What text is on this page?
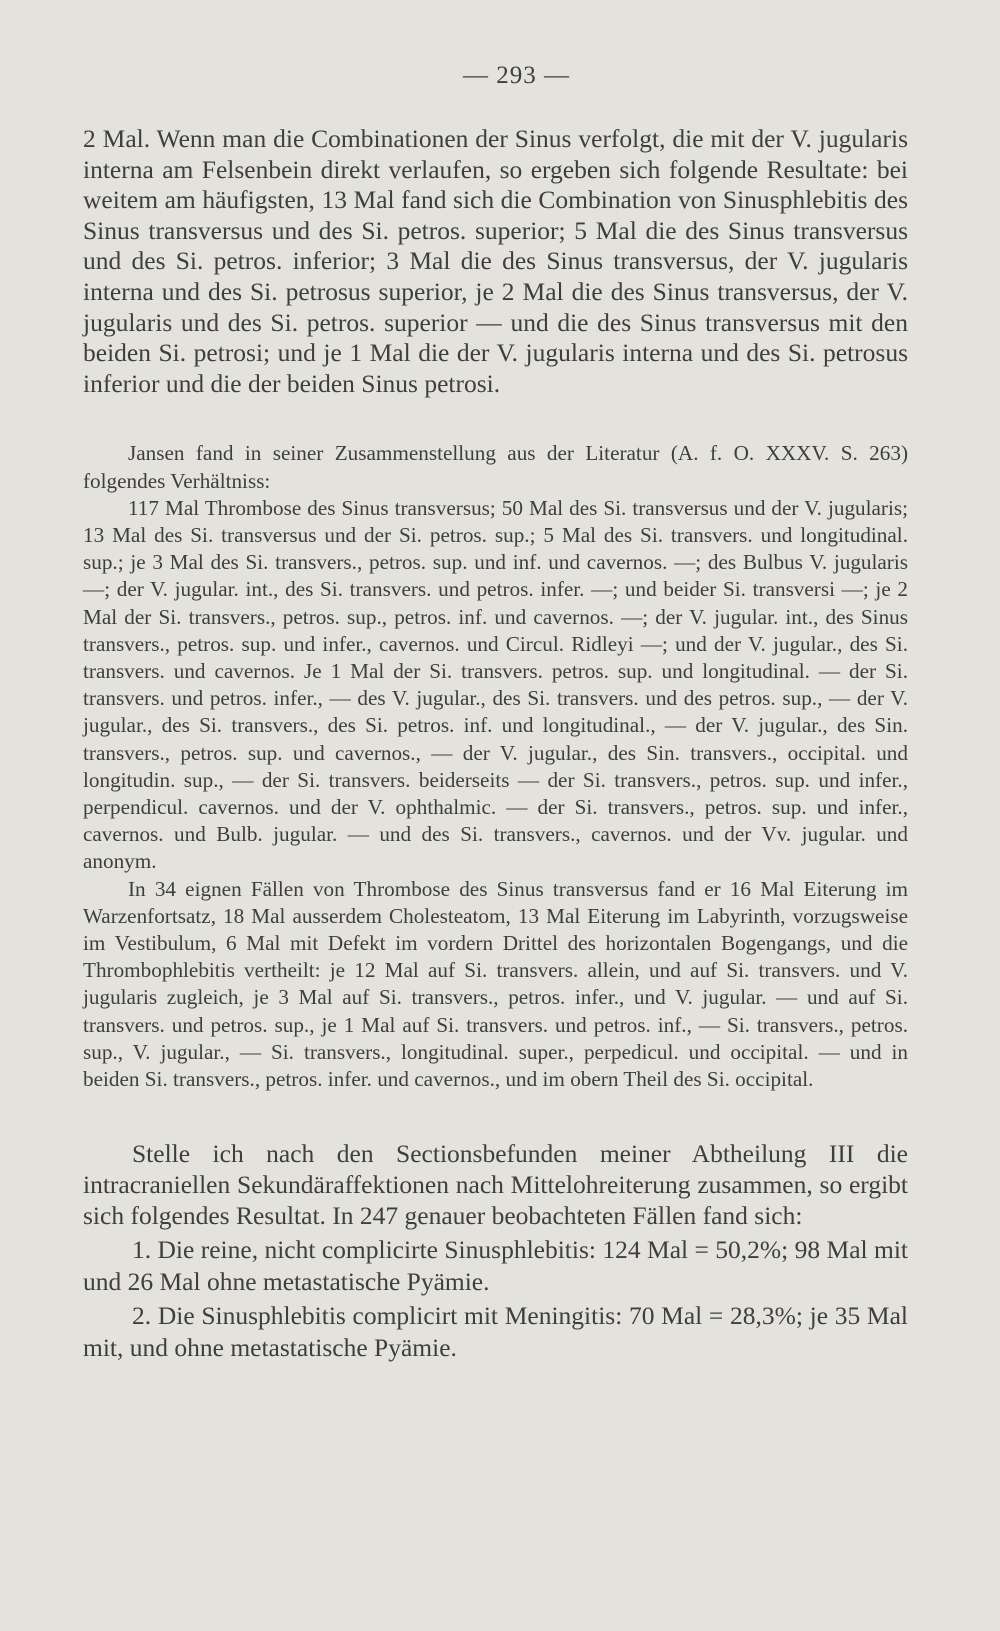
— 293 —

2 Mal. Wenn man die Combinationen der Sinus verfolgt, die mit der V. jugularis interna am Felsenbein direkt verlaufen, so ergeben sich folgende Resultate: bei weitem am häufigsten, 13 Mal fand sich die Combination von Sinusphlebitis des Sinus transversus und des Si. petros. superior; 5 Mal die des Sinus transversus und des Si. petros. inferior; 3 Mal die des Sinus transversus, der V. jugularis interna und des Si. petrosus superior, je 2 Mal die des Sinus transversus, der V. jugularis und des Si. petros. superior — und die des Sinus transversus mit den beiden Si. petrosi; und je 1 Mal die der V. jugularis interna und des Si. petrosus inferior und die der beiden Sinus petrosi.

Jansen fand in seiner Zusammenstellung aus der Literatur (A. f. O. XXXV. S. 263) folgendes Verhältniss:

117 Mal Thrombose des Sinus transversus; 50 Mal des Si. transversus und der V. jugularis; 13 Mal des Si. transversus und der Si. petros. sup.; 5 Mal des Si. transvers. und longitudinal. sup.; je 3 Mal des Si. transvers., petros. sup. und inf. und cavernos. —; des Bulbus V. jugularis —; der V. jugular. int., des Si. transvers. und petros. infer. —; und beider Si. transversi —; je 2 Mal der Si. transvers., petros. sup., petros. inf. und cavernos. —; der V. jugular. int., des Sinus transvers., petros. sup. und infer., cavernos. und Circul. Ridleyi —; und der V. jugular., des Si. transvers. und cavernos. Je 1 Mal der Si. transvers. petros. sup. und longitudinal. — der Si. transvers. und petros. infer., — des V. jugular., des Si. transvers. und des petros. sup., — der V. jugular., des Si. transvers., des Si. petros. inf. und longitudinal., — der V. jugular., des Sin. transvers., petros. sup. und cavernos., — der V. jugular., des Sin. transvers., occipital. und longitudin. sup., — der Si. transvers. beiderseits — der Si. transvers., petros. sup. und infer., perpendicul. cavernos. und der V. ophthalmic. — der Si. transvers., petros. sup. und infer., cavernos. und Bulb. jugular. — und des Si. transvers., cavernos. und der Vv. jugular. und anonym.

In 34 eignen Fällen von Thrombose des Sinus transversus fand er 16 Mal Eiterung im Warzenfortsatz, 18 Mal ausserdem Cholesteatom, 13 Mal Eiterung im Labyrinth, vorzugsweise im Vestibulum, 6 Mal mit Defekt im vordern Drittel des horizontalen Bogengangs, und die Thrombophlebitis vertheilt: je 12 Mal auf Si. transvers. allein, und auf Si. transvers. und V. jugularis zugleich, je 3 Mal auf Si. transvers., petros. infer., und V. jugular. — und auf Si. transvers. und petros. sup., je 1 Mal auf Si. transvers. und petros. inf., — Si. transvers., petros. sup., V. jugular., — Si. transvers., longitudinal. super., perpedicul. und occipital. — und in beiden Si. transvers., petros. infer. und cavernos., und im obern Theil des Si. occipital.

Stelle ich nach den Sectionsbefunden meiner Abtheilung III die intracraniellen Sekundäraffektionen nach Mittelohreiterung zusammen, so ergibt sich folgendes Resultat. In 247 genauer beobachteten Fällen fand sich:

1. Die reine, nicht complicirte Sinusphlebitis: 124 Mal = 50,2%; 98 Mal mit und 26 Mal ohne metastatische Pyämie.

2. Die Sinusphlebitis complicirt mit Meningitis: 70 Mal = 28,3%; je 35 Mal mit, und ohne metastatische Pyämie.
